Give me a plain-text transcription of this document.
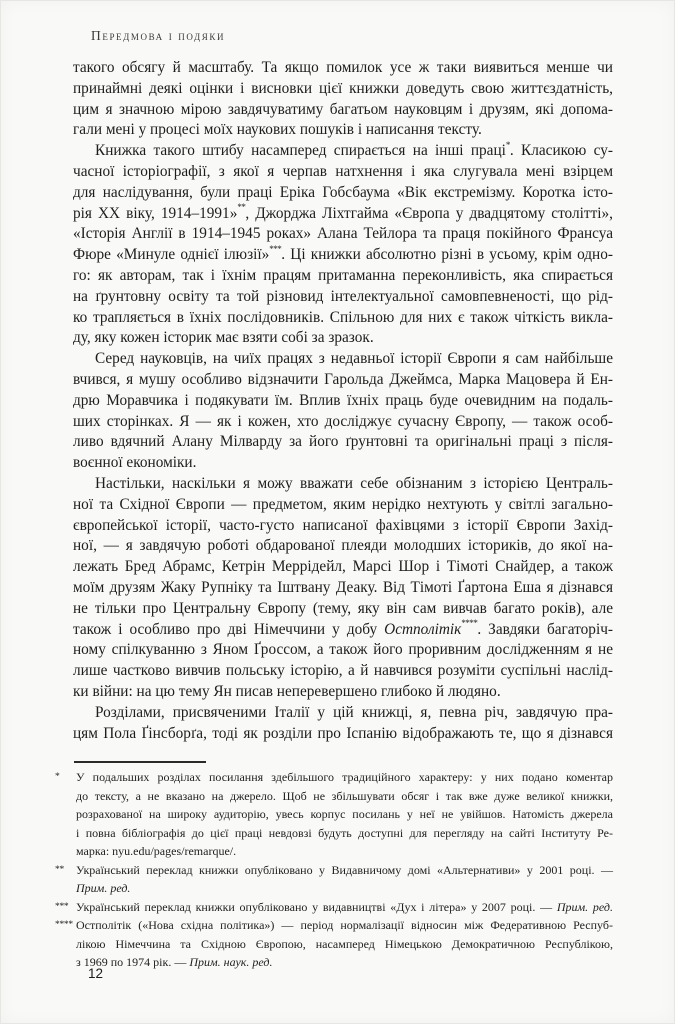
Передмова і подяки
такого обсягу й масштабу. Та якщо помилок усе ж таки виявиться менше чи
принаймні деякі оцінки і висновки цієї книжки доведуть свою життєздатність,
цим я значною мірою завдячуватиму багатьом науковцям і друзям, які допома-
гали мені у процесі моїх наукових пошуків і написання тексту.
Книжка такого штибу насамперед спирається на інші праці*. Класикою су-
часної історіографії, з якої я черпав натхнення і яка слугувала мені взірцем
для наслідування, були праці Еріка Гобсбаума «Вік екстремізму. Коротка істо-
рія XX віку, 1914–1991»**, Джорджа Ліхтгайма «Європа у двадцятому столітті»,
«Історія Англії в 1914–1945 роках» Алана Тейлора та праця покійного Франсуа
Фюре «Минуле однієї ілюзії»***. Ці книжки абсолютно різні в усьому, крім одно-
го: як авторам, так і їхнім працям притаманна переконливість, яка спирається
на ґрунтовну освіту та той різновид інтелектуальної самовпевненості, що рід-
ко трапляється в їхніх послідовників. Спільною для них є також чіткість викла-
ду, яку кожен історик має взяти собі за зразок.
Серед науковців, на чиїх працях з недавньої історії Європи я сам найбільше
вчився, я мушу особливо відзначити Гарольда Джеймса, Марка Мацовера й Ен-
дрю Моравчика і подякувати їм. Вплив їхніх праць буде очевидним на подаль-
ших сторінках. Я — як і кожен, хто досліджує сучасну Європу, — також особ-
ливо вдячний Алану Мілварду за його ґрунтовні та оригінальні праці з після-
воєнної економіки.
Настільки, наскільки я можу вважати себе обізнаним з історією Централь-
ної та Східної Європи — предметом, яким нерідко нехтують у світлі загально-
європейської історії, часто-густо написаної фахівцями з історії Європи Захід-
ної, — я завдячую роботі обдарованої плеяди молодших істориків, до якої на-
лежать Бред Абрамс, Кетрін Меррідейл, Марсі Шор і Тімоті Снайдер, а також
моїм друзям Жаку Рупніку та Іштвану Деаку. Від Тімоті Ґартона Еша я дізнався
не тільки про Центральну Європу (тему, яку він сам вивчав багато років), але
також і особливо про дві Німеччини у добу Остполітік****. Завдяки багаторіч-
ному спілкуванню з Яном Ґроссом, а також його проривним дослідженням я не
лише частково вивчив польську історію, а й навчився розуміти суспільні наслід-
ки війни: на цю тему Ян писав неперевершено глибоко й людяно.
Розділами, присвяченими Італії у цій книжці, я, певна річ, завдячую пра-
цям Пола Ґінсборґа, тоді як розділи про Іспанію відображають те, що я дізнався
* У подальших розділах посилання здебільшого традиційного характеру: у них подано коментар
до тексту, а не вказано на джерело. Щоб не збільшувати обсяг і так вже дуже великої книжки,
розрахованої на широку аудиторію, увесь корпус посилань у неї не увійшов. Натомість джерела
і повна бібліографія до цієї праці невдовзі будуть доступні для перегляду на сайті Інституту Ре-
марка: nyu.edu/pages/remarque/.
** Український переклад книжки опубліковано у Видавничому домі «Альтернативи» у 2001 році. —
Прим. ред.
*** Український переклад книжки опубліковано у видавництві «Дух і літера» у 2007 році. — Прим. ред.
**** Остполітік («Нова східна політика») — період нормалізації відносин між Федеративною Респуб-
лікою Німеччина та Східною Європою, насамперед Німецькою Демократичною Республікою,
з 1969 по 1974 рік. — Прим. наук. ред.
12
